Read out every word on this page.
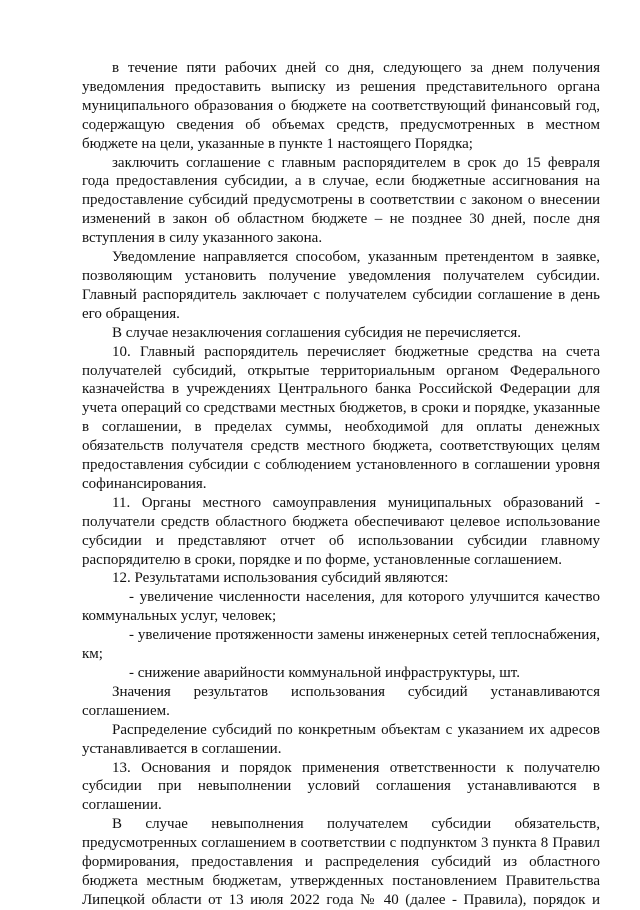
в течение пяти рабочих дней со дня, следующего за днем получения уведомления предоставить выписку из решения представительного органа муниципального образования о бюджете на соответствующий финансовый год, содержащую сведения об объемах средств, предусмотренных в местном бюджете на цели, указанные в пункте 1 настоящего Порядка;

заключить соглашение с главным распорядителем в срок до 15 февраля года предоставления субсидии, а в случае, если бюджетные ассигнования на предоставление субсидий предусмотрены в соответствии с законом о внесении изменений в закон об областном бюджете – не позднее 30 дней, после дня вступления в силу указанного закона.

Уведомление направляется способом, указанным претендентом в заявке, позволяющим установить получение уведомления получателем субсидии. Главный распорядитель заключает с получателем субсидии соглашение в день его обращения.

В случае незаключения соглашения субсидия не перечисляется.

10. Главный распорядитель перечисляет бюджетные средства на счета получателей субсидий, открытые территориальным органом Федерального казначейства в учреждениях Центрального банка Российской Федерации для учета операций со средствами местных бюджетов, в сроки и порядке, указанные в соглашении, в пределах суммы, необходимой для оплаты денежных обязательств получателя средств местного бюджета, соответствующих целям предоставления субсидии с соблюдением установленного в соглашении уровня софинансирования.

11. Органы местного самоуправления муниципальных образований - получатели средств областного бюджета обеспечивают целевое использование субсидии и представляют отчет об использовании субсидии главному распорядителю в сроки, порядке и по форме, установленные соглашением.

12. Результатами использования субсидий являются:

- увеличение численности населения, для которого улучшится качество коммунальных услуг, человек;

- увеличение протяженности замены инженерных сетей теплоснабжения, км;

- снижение аварийности коммунальной инфраструктуры, шт.

Значения результатов использования субсидий устанавливаются соглашением.

Распределение субсидий по конкретным объектам с указанием их адресов устанавливается в соглашении.

13. Основания и порядок применения ответственности к получателю субсидии при невыполнении условий соглашения устанавливаются в соглашении.

В случае невыполнения получателем субсидии обязательств, предусмотренных соглашением в соответствии с подпунктом 3 пункта 8 Правил формирования, предоставления и распределения субсидий из областного бюджета местным бюджетам, утвержденных постановлением Правительства Липецкой области от 13 июля 2022 года № 40 (далее - Правила), порядок и
